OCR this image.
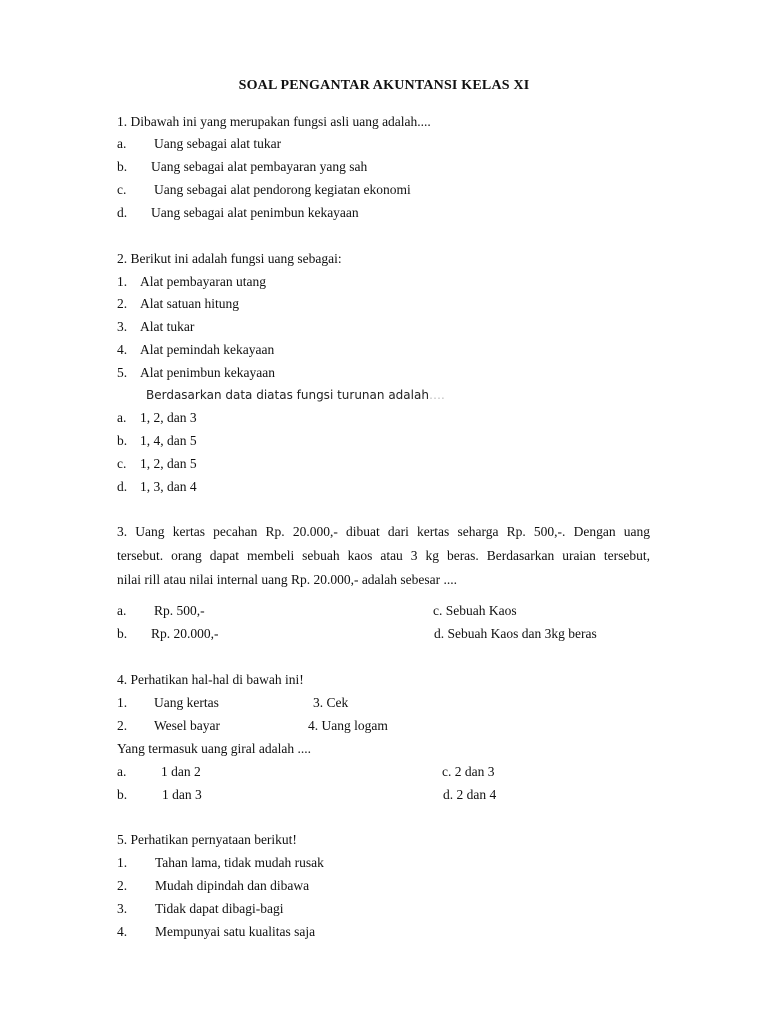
SOAL PENGANTAR AKUNTANSI KELAS XI
1. Dibawah ini yang merupakan fungsi asli uang adalah....
a. Uang sebagai alat tukar
b. Uang sebagai alat pembayaran yang sah
c. Uang sebagai alat pendorong kegiatan ekonomi
d. Uang sebagai alat penimbun kekayaan
2. Berikut ini adalah fungsi uang sebagai:
1. Alat pembayaran utang
2. Alat satuan hitung
3. Alat tukar
4. Alat pemindah kekayaan
5. Alat penimbun kekayaan
Berdasarkan data diatas fungsi turunan adalah….
a. 1, 2, dan 3
b. 1, 4, dan 5
c. 1, 2, dan 5
d. 1, 3, dan 4
3. Uang kertas pecahan Rp. 20.000,- dibuat dari kertas seharga Rp. 500,-. Dengan uang
tersebut. orang dapat membeli sebuah kaos atau 3 kg beras. Berdasarkan uraian tersebut,
nilai rill atau nilai internal uang Rp. 20.000,- adalah sebesar ....
a. Rp. 500,-	c. Sebuah Kaos
b. Rp. 20.000,-	d. Sebuah Kaos dan 3kg beras
4. Perhatikan hal-hal di bawah ini!
1. Uang kertas	3. Cek
2. Wesel bayar	4. Uang logam
Yang termasuk uang giral adalah ....
a.	1 dan 2	c. 2 dan 3
b.	1 dan 3	d. 2 dan 4
5. Perhatikan pernyataan berikut!
1. Tahan lama, tidak mudah rusak
2. Mudah dipindah dan dibawa
3. Tidak dapat dibagi-bagi
4. Mempunyai satu kualitas saja
